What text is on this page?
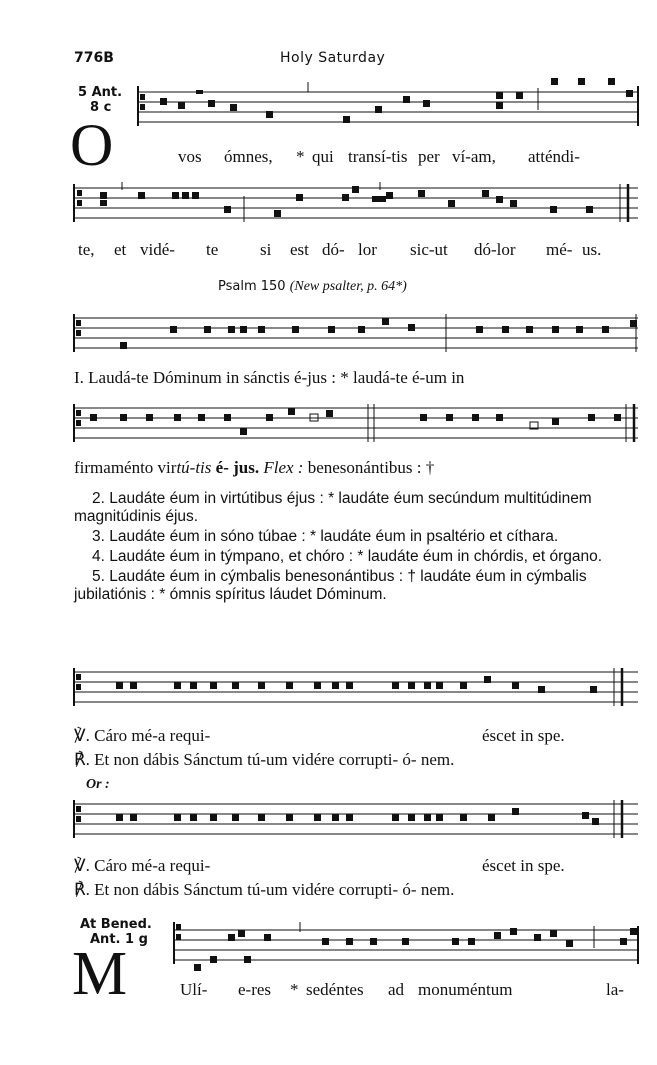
776B	Holy Saturday
5 Ant.
8 c
O	vos ómnes, * qui transí-tis per ví-am, atténdi-
te, et vidé- te si est dó- lor sic-ut dó-lor mé- us.
Psalm 150 (New psalter, p. 64*)
I. Laudá-te Dóminum in sánctis é-jus : * laudá-te é-um in
firmaménto virtú-tis é- jus. Flex : benesonántibus : †

2. Laudáte éum in virtútibus éjus : * laudáte éum secúndum multitúdinem magnitúdinis éjus.

3. Laudáte éum in sóno túbae : * laudáte éum in psaltério et cíthara.

4. Laudáte éum in týmpano, et chóro : * laudáte éum in chórdis, et órgano.

5. Laudáte éum in cýmbalis benesonántibus : † laudáte éum in cýmbalis jubilatiónis : * ómnis spíritus láudet Dóminum.

℣. Cáro mé-a requi-	éscet in spe.
℟. Et non dábis Sánctum tú-um vidére corrupti- ó- nem.
Or :
℣. Cáro mé-a requi-	éscet in spe.
℟. Et non dábis Sánctum tú-um vidére corrupti- ó- nem.
At Bened.
Ant. 1 g
M	Ulí- e-res * sedéntes ad monuméntum	la-
